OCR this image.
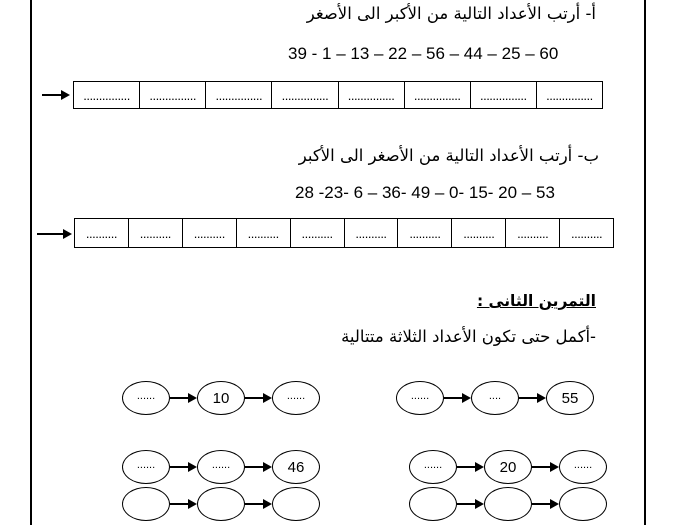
أ- أرتب الأعداد التالية من الأكبر الى الأصغر
39 - 1 – 13 – 22 – 56 – 44 – 25 – 60
...............	...............	...............	...............	...............	...............	...............	...............
ب- أرتب الأعداد التالية من الأصغر الى الأكبر
28 -23- 6 – 36- 49 – 0- 15- 20 – 53
..........	..........	..........	..........	..........	..........	..........	..........	..........	..........
التمرين الثانى :
-أكمل حتى تكون الأعداد الثلاثة متتالية
......	10	......	......	....	55
......	......	46	......	20	......
